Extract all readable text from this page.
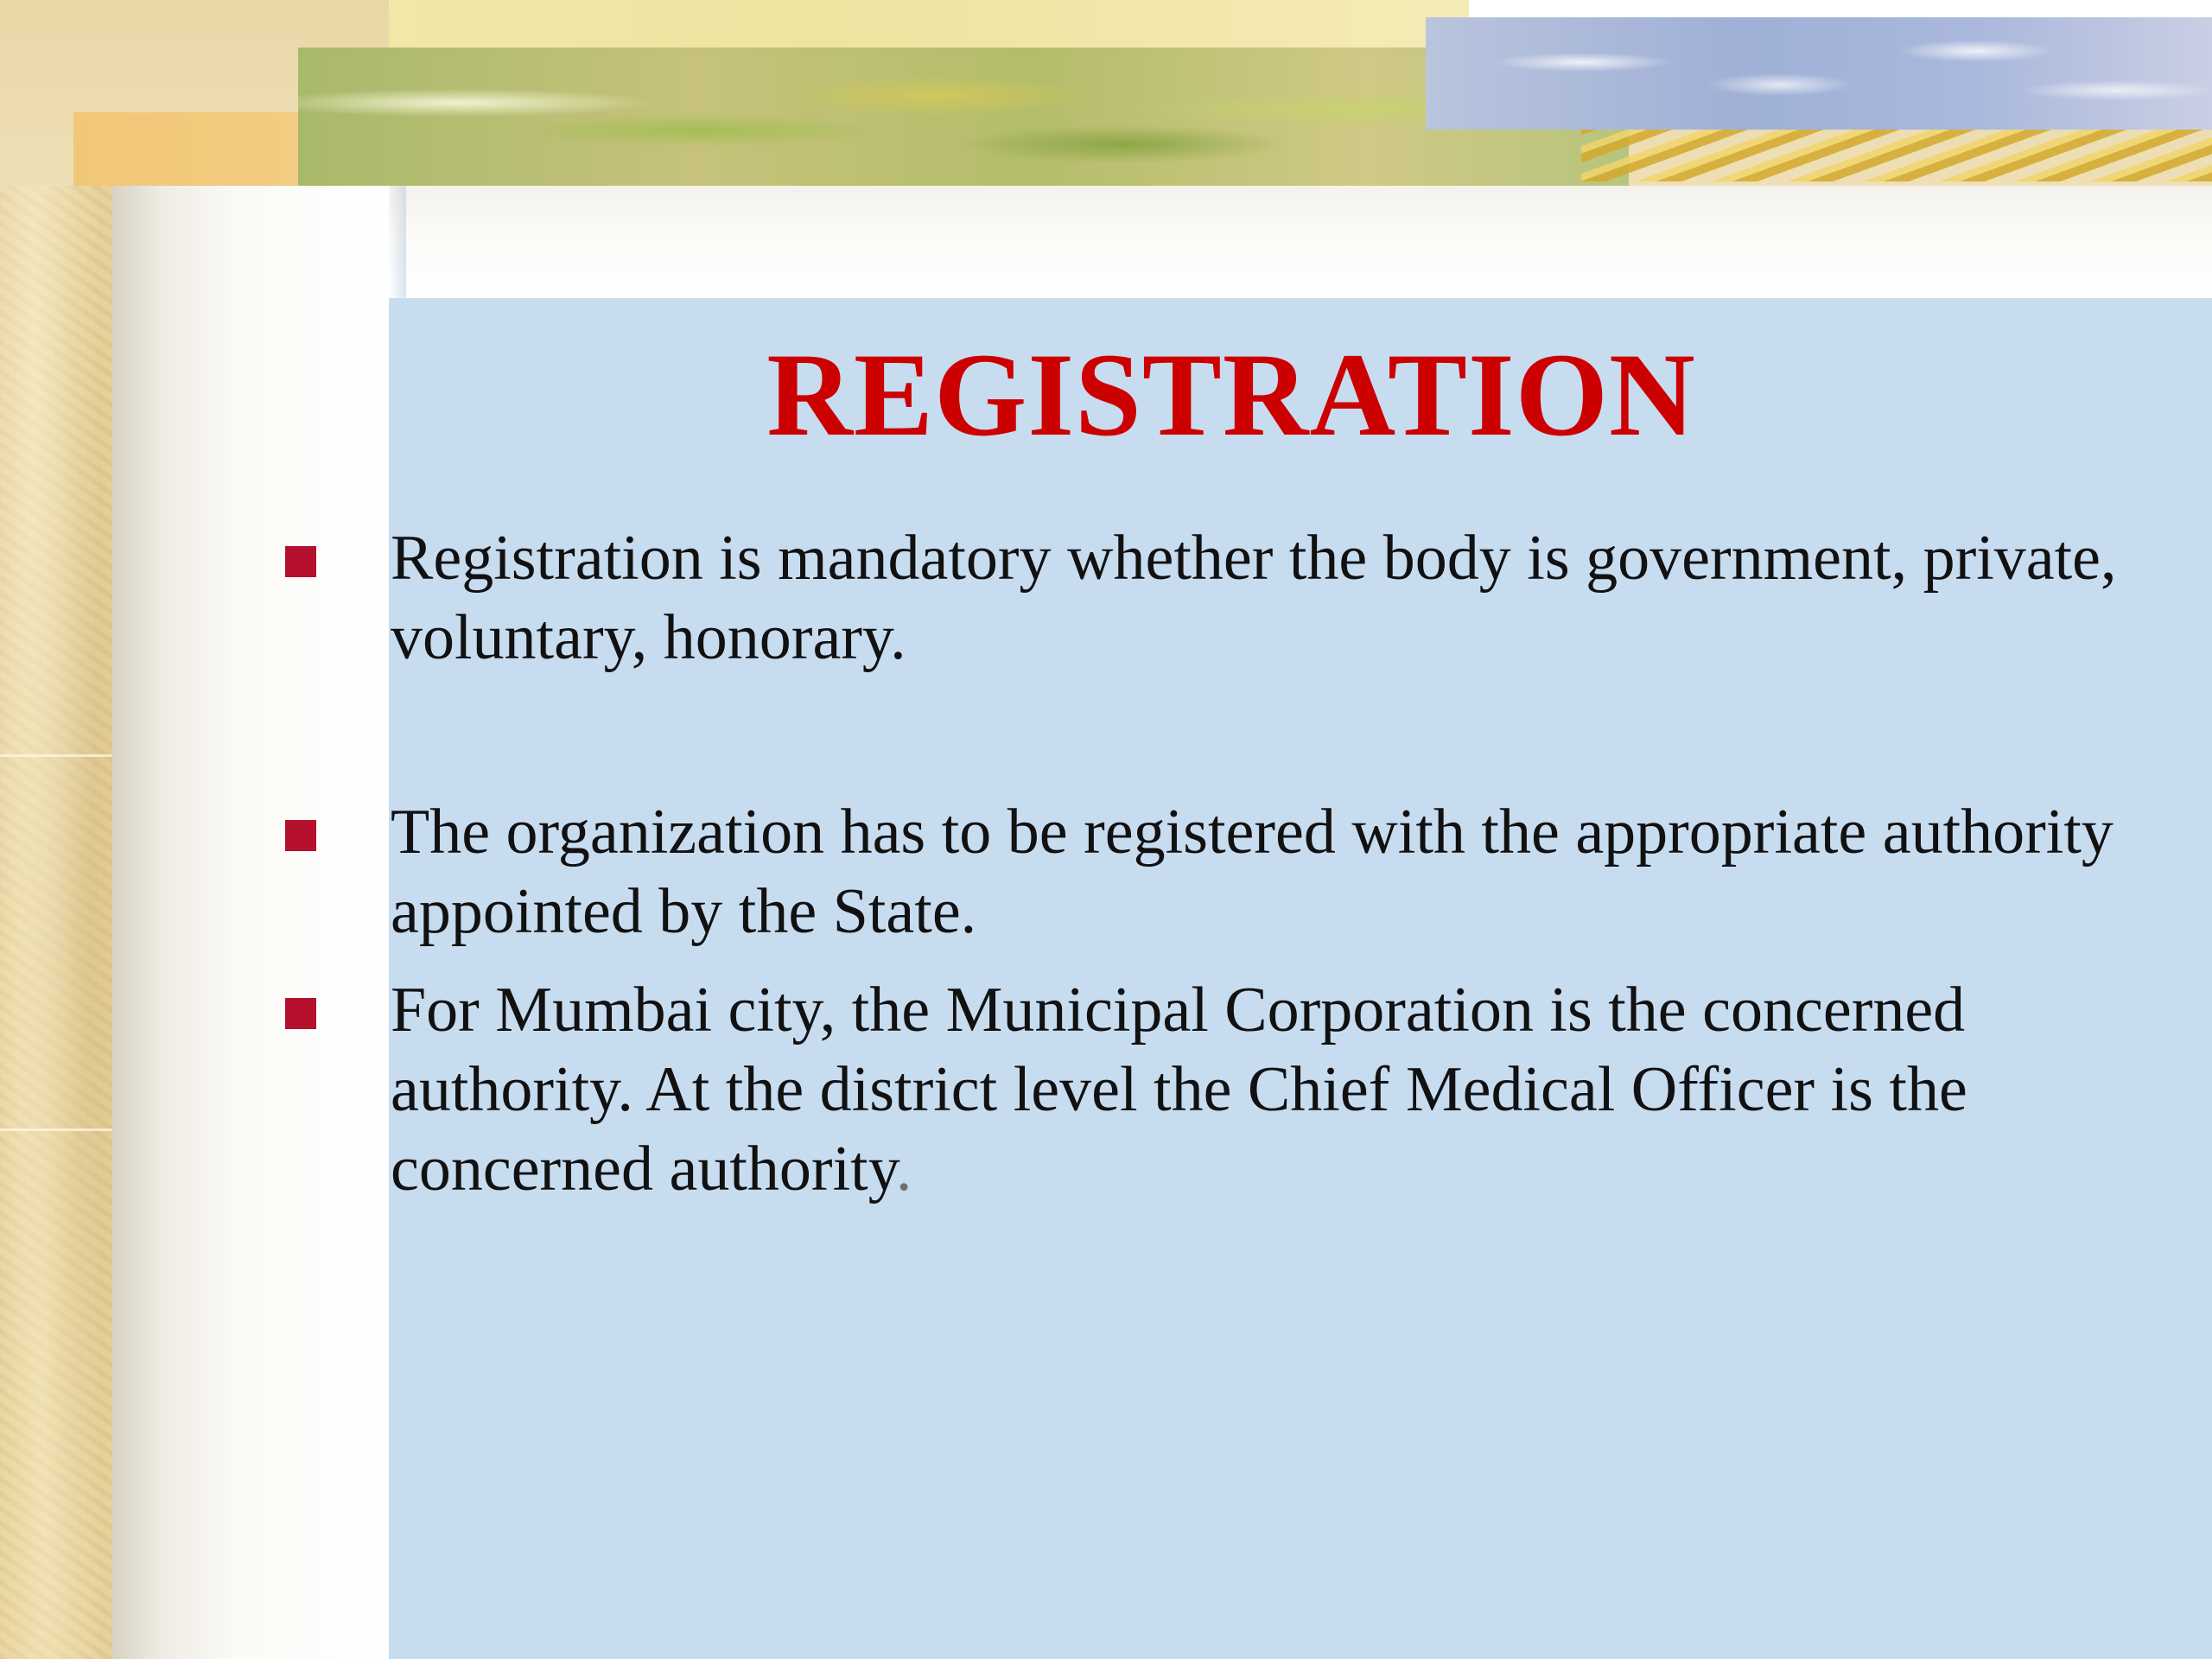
REGISTRATION

Registration is mandatory whether the body is government, private, voluntary, honorary.

The organization has to be registered with the appropriate authority appointed by the State.

For Mumbai city, the Municipal Corporation is the concerned authority. At the district level the Chief Medical Officer is the concerned authority.
